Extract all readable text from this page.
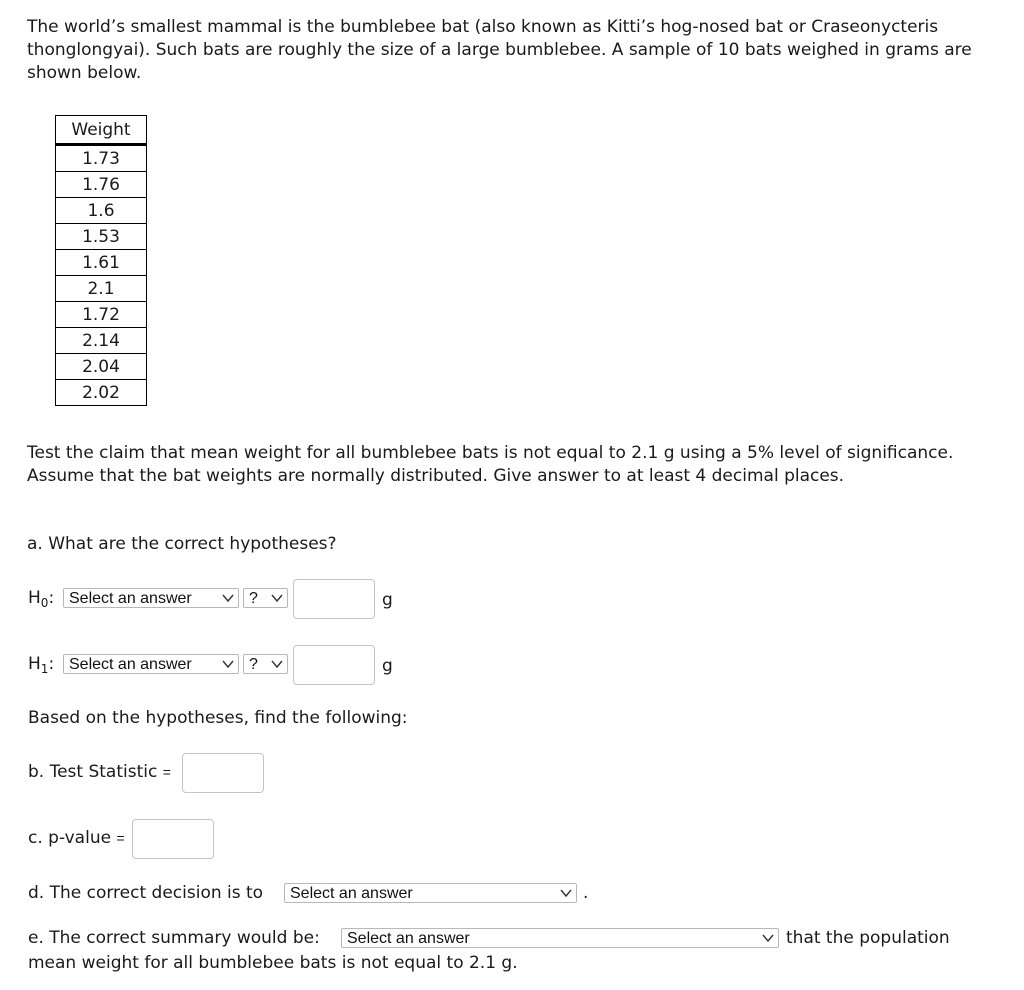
The world’s smallest mammal is the bumblebee bat (also known as Kitti’s hog-nosed bat or Craseonycteris thonglongyai). Such bats are roughly the size of a large bumblebee. A sample of 10 bats weighed in grams are shown below.
Weight
1.73
1.76
1.6
1.53
1.61
2.1
1.72
2.14
2.04
2.02
Test the claim that mean weight for all bumblebee bats is not equal to 2.1 g using a 5% level of significance. Assume that the bat weights are normally distributed. Give answer to at least 4 decimal places.
a. What are the correct hypotheses?
$H_0$: Select an answer	?	g
$H_1$: Select an answer	?	g
Based on the hypotheses, find the following:
b. Test Statistic =
c. p-value =
d. The correct decision is to	Select an answer	.
e. The correct summary would be:	Select an answer	that the population
mean weight for all bumblebee bats is not equal to 2.1 g.
